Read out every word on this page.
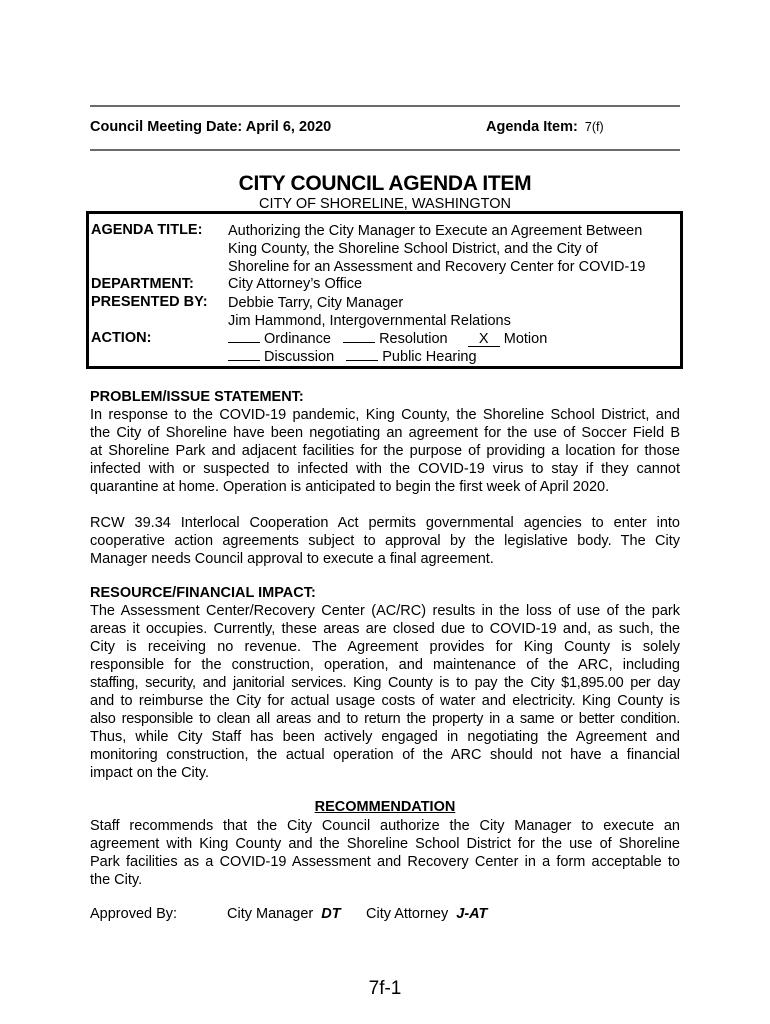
Council Meeting Date: April 6, 2020	Agenda Item: 7(f)
CITY COUNCIL AGENDA ITEM
CITY OF SHORELINE, WASHINGTON
AGENDA TITLE: Authorizing the City Manager to Execute an Agreement Between
King County, the Shoreline School District, and the City of
Shoreline for an Assessment and Recovery Center for COVID-19
DEPARTMENT: City Attorney’s Office
PRESENTED BY: Debbie Tarry, City Manager
Jim Hammond, Intergovernmental Relations
ACTION:	Ordinance	Resolution X Motion
Discussion	Public Hearing
PROBLEM/ISSUE STATEMENT:
In response to the COVID-19 pandemic, King County, the Shoreline School District, and
the City of Shoreline have been negotiating an agreement for the use of Soccer Field B
at Shoreline Park and adjacent facilities for the purpose of providing a location for those
infected with or suspected to infected with the COVID-19 virus to stay if they cannot
quarantine at home. Operation is anticipated to begin the first week of April 2020.
RCW 39.34 Interlocal Cooperation Act permits governmental agencies to enter into
cooperative action agreements subject to approval by the legislative body. The City
Manager needs Council approval to execute a final agreement.
RESOURCE/FINANCIAL IMPACT:
The Assessment Center/Recovery Center (AC/RC) results in the loss of use of the park
areas it occupies. Currently, these areas are closed due to COVID-19 and, as such, the
City is receiving no revenue. The Agreement provides for King County is solely
responsible for the construction, operation, and maintenance of the ARC, including
staffing, security, and janitorial services. King County is to pay the City $1,895.00 per day
and to reimburse the City for actual usage costs of water and electricity. King County is
also responsible to clean all areas and to return the property in a same or better condition.
Thus, while City Staff has been actively engaged in negotiating the Agreement and
monitoring construction, the actual operation of the ARC should not have a financial
impact on the City.
RECOMMENDATION
Staff recommends that the City Council authorize the City Manager to execute an
agreement with King County and the Shoreline School District for the use of Shoreline
Park facilities as a COVID-19 Assessment and Recovery Center in a form acceptable to
the City.
Approved By:	City Manager DT City Attorney J-AT
7f-1
